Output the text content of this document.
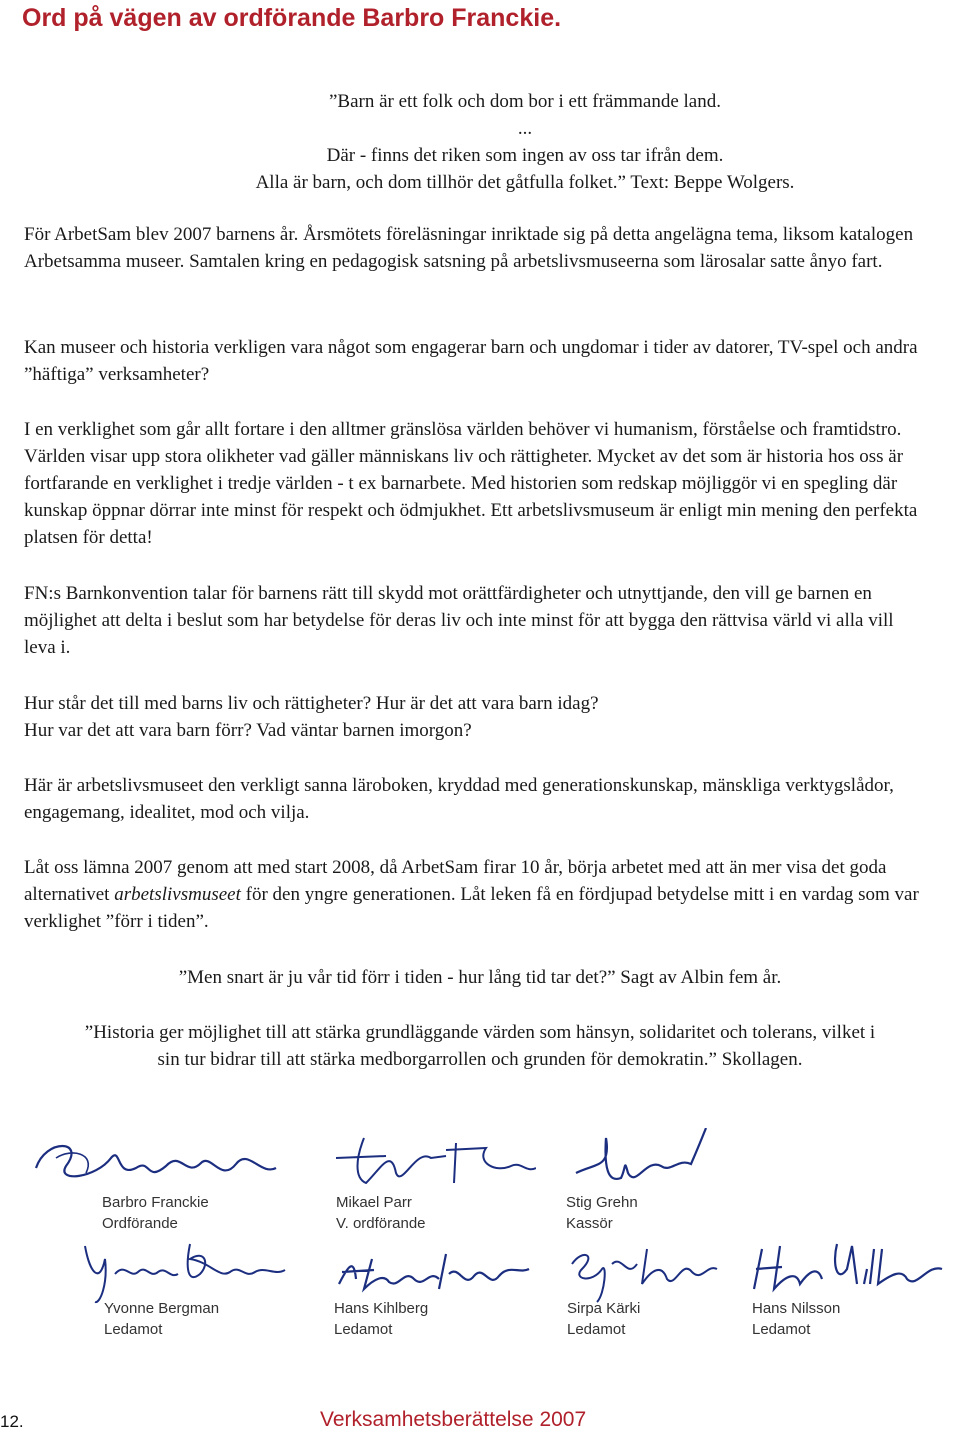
Ord på vägen av ordförande Barbro Franckie.
”Barn är ett folk och dom bor i ett främmande land.
...
Där - finns det riken som ingen av oss tar ifrån dem.
Alla är barn, och dom tillhör det gåtfulla folket.” Text: Beppe Wolgers.

För ArbetSam blev 2007 barnens år. Årsmötets föreläsningar inriktade sig på detta angelägna tema, liksom katalogen Arbetsamma museer. Samtalen kring en pedagogisk satsning på arbetslivsmuseerna som lärosalar satte ånyo fart.

Kan museer och historia verkligen vara något som engagerar barn och ungdomar i tider av datorer, TV-spel och andra ”häftiga” verksamheter?

I en verklighet som går allt fortare i den alltmer gränslösa världen behöver vi humanism, förståelse och framtidstro. Världen visar upp stora olikheter vad gäller människans liv och rättigheter. Mycket av det som är historia hos oss är fortfarande en verklighet i tredje världen - t ex barnarbete. Med historien som redskap möjliggör vi en spegling där kunskap öppnar dörrar inte minst för respekt och ödmjukhet. Ett arbetslivsmuseum är enligt min mening den perfekta platsen för detta!

FN:s Barnkonvention talar för barnens rätt till skydd mot orättfärdigheter och utnyttjande, den vill ge barnen en möjlighet att delta i beslut som har betydelse för deras liv och inte minst för att bygga den rättvisa värld vi alla vill leva i.

Hur står det till med barns liv och rättigheter? Hur är det att vara barn idag?

Hur var det att vara barn förr? Vad väntar barnen imorgon?

Här är arbetslivsmuseet den verkligt sanna läroboken, kryddad med generationskunskap, mänskliga verktygslådor, engagemang, idealitet, mod och vilja.

Låt oss lämna 2007 genom att med start 2008, då ArbetSam firar 10 år, börja arbetet med att än mer visa det goda alternativet arbetslivsmuseet för den yngre generationen. Låt leken få en fördjupad betydelse mitt i en vardag som var verklighet ”förr i tiden”.

”Men snart är ju vår tid förr i tiden - hur lång tid tar det?” Sagt av Albin fem år.

”Historia ger möjlighet till att stärka grundläggande värden som hänsyn, solidaritet och tolerans, vilket i

sin tur bidrar till att stärka medborgarrollen och grunden för demokratin.” Skollagen.

Barbro Franckie
Ordförande
Mikael Parr
V. ordförande
Stig Grehn
Kassör
Yvonne Bergman
Ledamot
Hans Kihlberg
Ledamot
Sirpa Kärki
Ledamot
Hans Nilsson
Ledamot
12.	Verksamhetsberättelse 2007
